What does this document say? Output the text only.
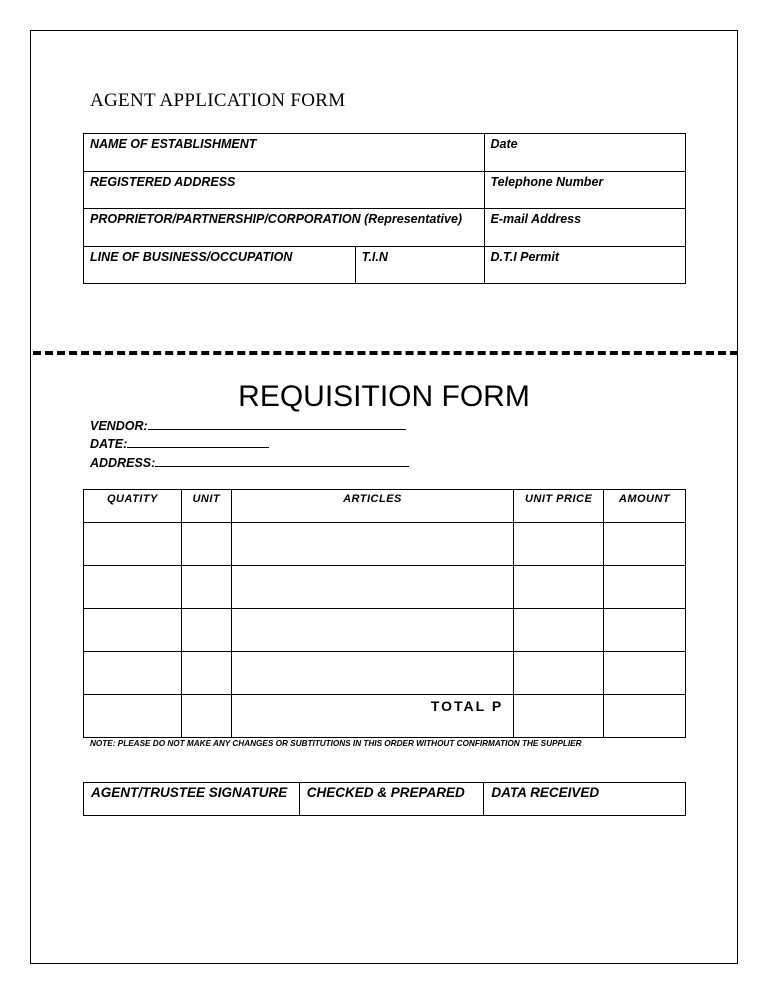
AGENT APPLICATION FORM
NAME OF ESTABLISHMENT		Date
REGISTERED ADDRESS		Telephone Number
PROPRIETOR/PARTNERSHIP/CORPORATION (Representative)		E-mail Address
LINE OF BUSINESS/OCCUPATION	T.I.N	D.T.I Permit
REQUISITION FORM
VENDOR:
DATE:
ADDRESS:
QUATITY	UNIT	ARTICLES	UNIT PRICE	AMOUNT

		TOTAL P		
NOTE: PLEASE DO NOT MAKE ANY CHANGES OR SUBTITUTIONS IN THIS ORDER WITHOUT CONFIRMATION THE SUPPLIER
AGENT/TRUSTEE SIGNATURE	CHECKED & PREPARED	DATA RECEIVED
